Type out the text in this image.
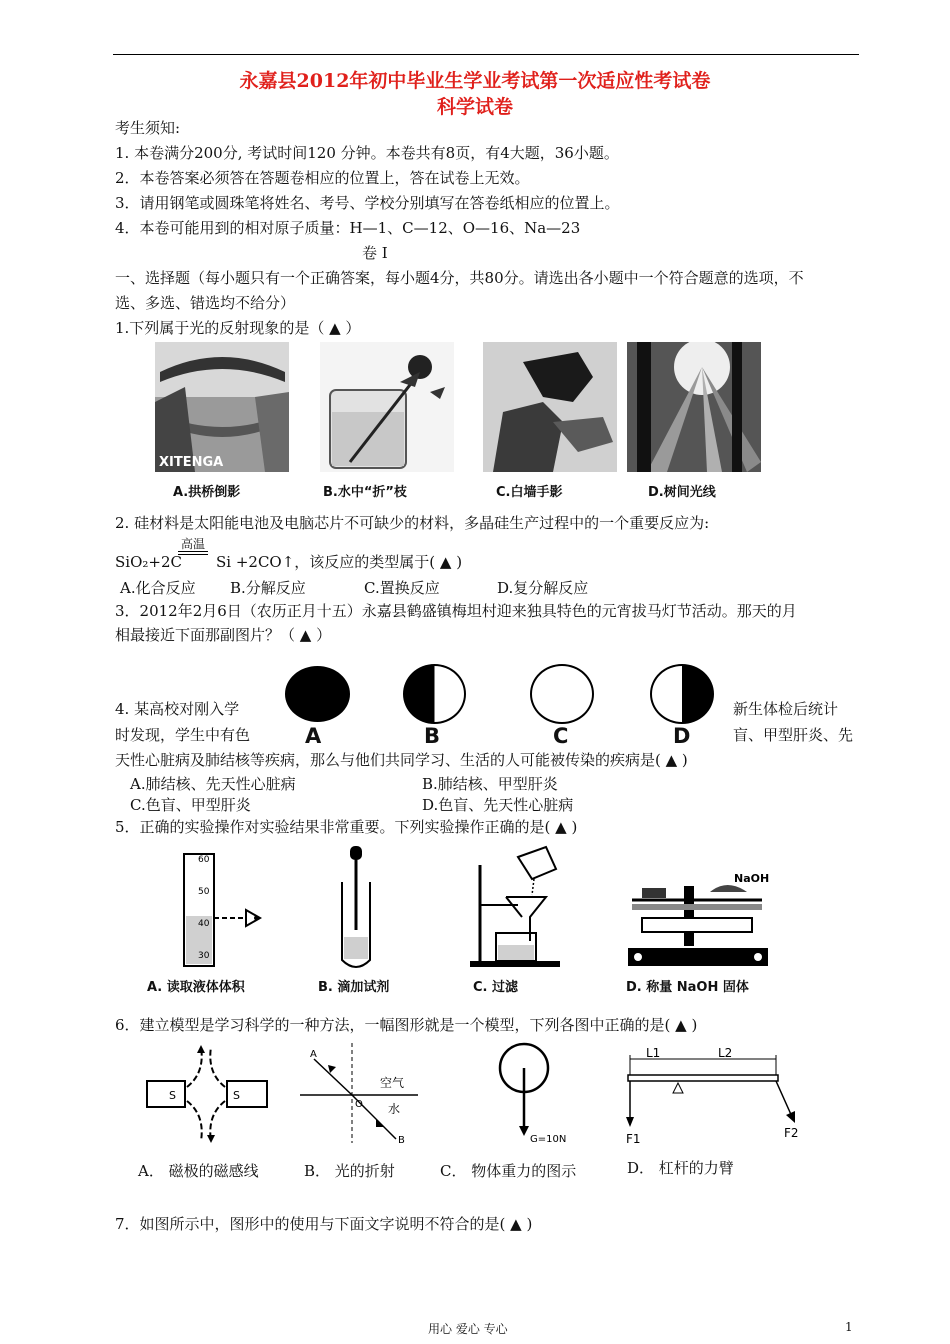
永嘉县2012年初中毕业生学业考试第一次适应性考试卷
科学试卷
考生须知:
1. 本卷满分200分, 考试时间120 分钟。本卷共有8页，有4大题，36小题。
2．本卷答案必须答在答题卷相应的位置上，答在试卷上无效。
3．请用钢笔或圆珠笔将姓名、考号、学校分别填写在答卷纸相应的位置上。
4．本卷可能用到的相对原子质量：H—1、C—12、O—16、Na—23
卷 Ⅰ
一、选择题（每小题只有一个正确答案，每小题4分，共80分。请选出各小题中一个符合题意的选项，不
选、多选、错选均不给分）
1.下列属于光的反射现象的是（ ▲ ）
XITENGA
A.拱桥倒影	B.水中“折”枝	C.白墙手影	D.树间光线
2. 硅材料是太阳能电池及电脑芯片不可缺少的材料，多晶硅生产过程中的一个重要反应为:
高温
SiO₂+2C Si +2CO↑，该反应的类型属于( ▲ )
A.化合反应 B.分解反应	C.置换反应	D.复分解反应
3．2012年2月6日（农历正月十五）永嘉县鹤盛镇梅坦村迎来独具特色的元宵拔马灯节活动。那天的月
相最接近下面那副图片？（ ▲ ）
A	B	C	D
4. 某高校对刚入学	新生体检后统计
时发现，学生中有色	盲、甲型肝炎、先
天性心脏病及肺结核等疾病，那么与他们共同学习、生活的人可能被传染的疾病是( ▲ )
A.肺结核、先天性心脏病	B.肺结核、甲型肝炎
C.色盲、甲型肝炎	D.色盲、先天性心脏病
5．正确的实验操作对实验结果非常重要。下列实验操作正确的是( ▲ )
60
50
40
30
NaOH
A. 读取液体体积	B. 滴加试剂	C. 过滤	D. 称量 NaOH 固体
6．建立模型是学习科学的一种方法，一幅图形就是一个模型，下列各图中正确的是( ▲ )
S	S
A
O
B
空气
水
G=10N
L1	L2
F1	F2
A． 磁极的磁感线	B． 光的折射	C． 物体重力的图示	D． 杠杆的力臂
7．如图所示中，图形中的使用与下面文字说明不符合的是( ▲ )
用心 爱心 专心	1
